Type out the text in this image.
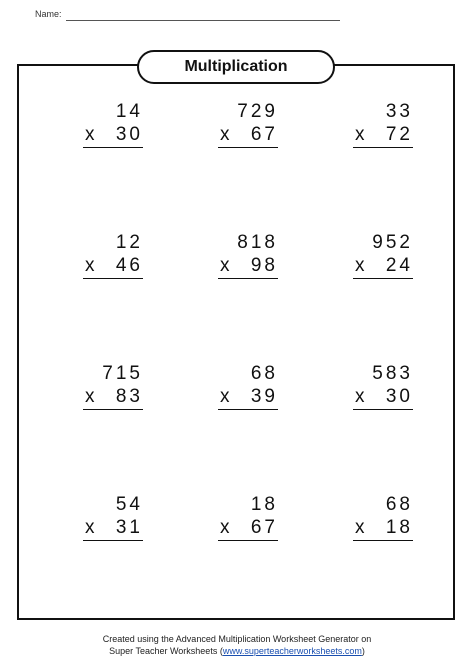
Name:
Multiplication
14
x 30
729
x 67
33
x 72
12
x 46
818
x 98
952
x 24
715
x 83
68
x 39
583
x 30
54
x 31
18
x 67
68
x 18
Created using the Advanced Multiplication Worksheet Generator on
Super Teacher Worksheets (www.superteacherworksheets.com)
